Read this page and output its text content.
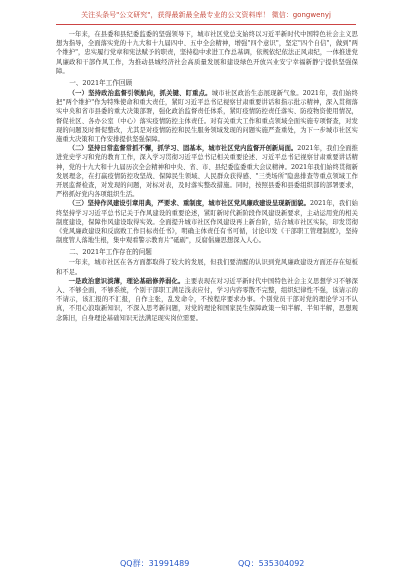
关注头条号"公文研究"，获得最新最全最专业的公文资料库！ 微信：gongwenyj

一年来，在县委和县纪委监委的坚强领导下，城市社区党总支始终以习近平新时代中国特色社会主义思想为指导，全面落实党的十九大和十九届四中、五中全会精神，增强"四个意识"，坚定"四个自信"，做到"两个维护"，忠实履行党章和宪法赋予的职责，坚持稳中求进工作总基调，依规依纪依法正风肃纪，一体推进党风廉政和干部作风工作，为推动县城经济社会高质量发展和建设绿色开放兴业安宁幸福新静宁提供坚强保障。

一、2021年工作回顾

（一）坚持政治监督引领航向，抓关键、盯重点。城市社区政治生态展现新气象。2021年，我们始终把"两个维护"作为特殊使命和重大责任，紧盯习近平总书记视察甘肃重要讲话和指示批示精神，深入贯彻落实中央和省市县委的重大决策部署，强化政治监督责任体系，紧盯疫情防控责任落实、防疫物资使用情况，督促社区、各办公室（中心）落实疫情防控主体责任。对有关重大工作和重点领域全面实施专项督查，对发现的问题及时督促整改，尤其是对疫情防控和民生服务领域发现的问题实施严查重处，为下一步城市社区实施重大决策和工作安排提供坚强保障。

（二）坚持日常监督常抓不懈，抓学习、固基本，城市社区党内监督开创新局面。2021年，我们全面推进党史学习和党的教育工作，深入学习贯彻习近平总书记相关重要论述、习近平总书记视察甘肃重要讲话精神，党的十九大和十九届历次全会精神和中央、省、市、县纪委监委重大会议精神。2021年我们始终贯彻新发展理念，在打赢疫情防控攻坚战、保障民生领域、人民群众获得感、"三类场所"隐患排查等重点领域工作开展监督检查，对发现的问题，对标对表，及时落实整改措施。同时，按照县委和县委组织部的部署要求，严格抓好党内各项组织生活。

（三）坚持作风建设引章用典，严要求、重制度，城市社区党风廉政建设呈现新面貌。2021年，我们始终坚持学习习近平总书记关于作风建设的重要论述，紧盯新时代新阶段作风建设新要求，主动运用党的相关制度建设，保障作风建设取得实效。全面提升城市社区作风建设再上新台阶，结合城市社区实际，印发贯彻《党风廉政建设和反腐败工作目标责任书》，明确主体责任有书可循，讨论印发《干部职工管理制度》，坚持制度管人落地生根，集中观看警示教育片"砥砺"，反腐倡廉思想深入人心。

二、2021年工作存在的问题

一年来，城市社区在各方面都取得了较大的发展，但我们要清醒的认识到党风廉政建设方面还存在短板和不足。

一是政治意识淡薄，理论基础修养弱化。主要表现在对习近平新时代中国特色社会主义思想学习不够深入、不够全面，不够系统，个别干部职工满足浅表应付，学习内容零散不完整，组织纪律性不强，该请示的不请示，该汇报的不汇报，自作主张，乱发命令，不按程序要求办事。个别党员干部对党的理论学习不认真，不用心浪取新知识，不深入思考新问题，对党的理论和国家民生保障政策一知半解、半知半解，思想观念陈旧，自身理论基础知识无法满足现实岗位需要。

QQ群：31991489	QQ：535304092
